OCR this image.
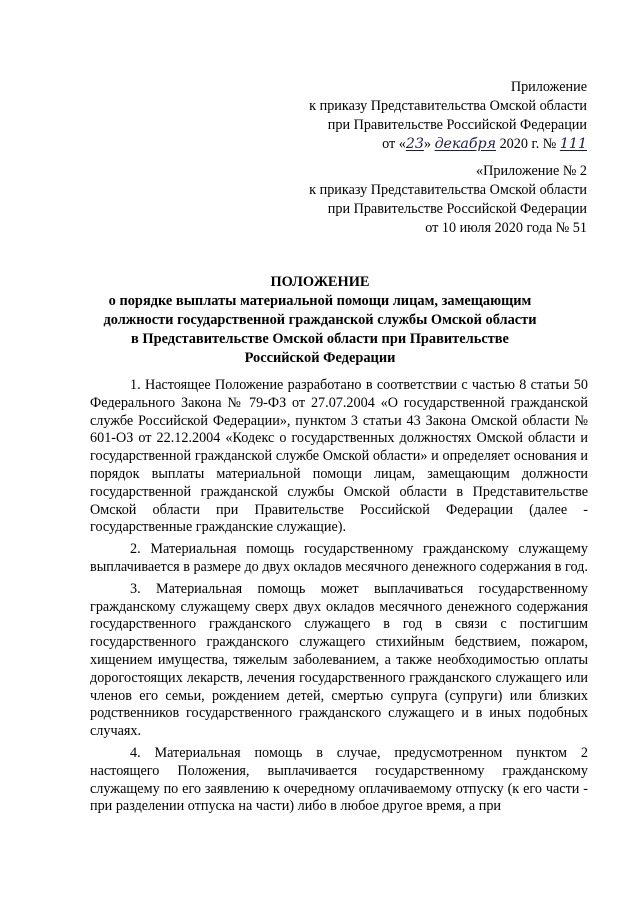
Приложение
к приказу Представительства Омской области
при Правительстве Российской Федерации
от «23» декабря 2020 г. № 111
«Приложение № 2
к приказу Представительства Омской области
при Правительстве Российской Федерации
от 10 июля 2020 года № 51
ПОЛОЖЕНИЕ
о порядке выплаты материальной помощи лицам, замещающим должности государственной гражданской службы Омской области в Представительстве Омской области при Правительстве Российской Федерации

1. Настоящее Положение разработано в соответствии с частью 8 статьи 50 Федерального Закона № 79-ФЗ от 27.07.2004 «О государственной гражданской службе Российской Федерации», пунктом 3 статьи 43 Закона Омской области № 601-ОЗ от 22.12.2004 «Кодекс о государственных должностях Омской области и государственной гражданской службе Омской области» и определяет основания и порядок выплаты материальной помощи лицам, замещающим должности государственной гражданской службы Омской области в Представительстве Омской области при Правительстве Российской Федерации (далее - государственные гражданские служащие).

2. Материальная помощь государственному гражданскому служащему выплачивается в размере до двух окладов месячного денежного содержания в год.

3. Материальная помощь может выплачиваться государственному гражданскому служащему сверх двух окладов месячного денежного содержания государственного гражданского служащего в год в связи с постигшим государственного гражданского служащего стихийным бедствием, пожаром, хищением имущества, тяжелым заболеванием, а также необходимостью оплаты дорогостоящих лекарств, лечения государственного гражданского служащего или членов его семьи, рождением детей, смертью супруга (супруги) или близких родственников государственного гражданского служащего и в иных подобных случаях.

4. Материальная помощь в случае, предусмотренном пунктом 2 настоящего Положения, выплачивается государственному гражданскому служащему по его заявлению к очередному оплачиваемому отпуску (к его части - при разделении отпуска на части) либо в любое другое время, а при
